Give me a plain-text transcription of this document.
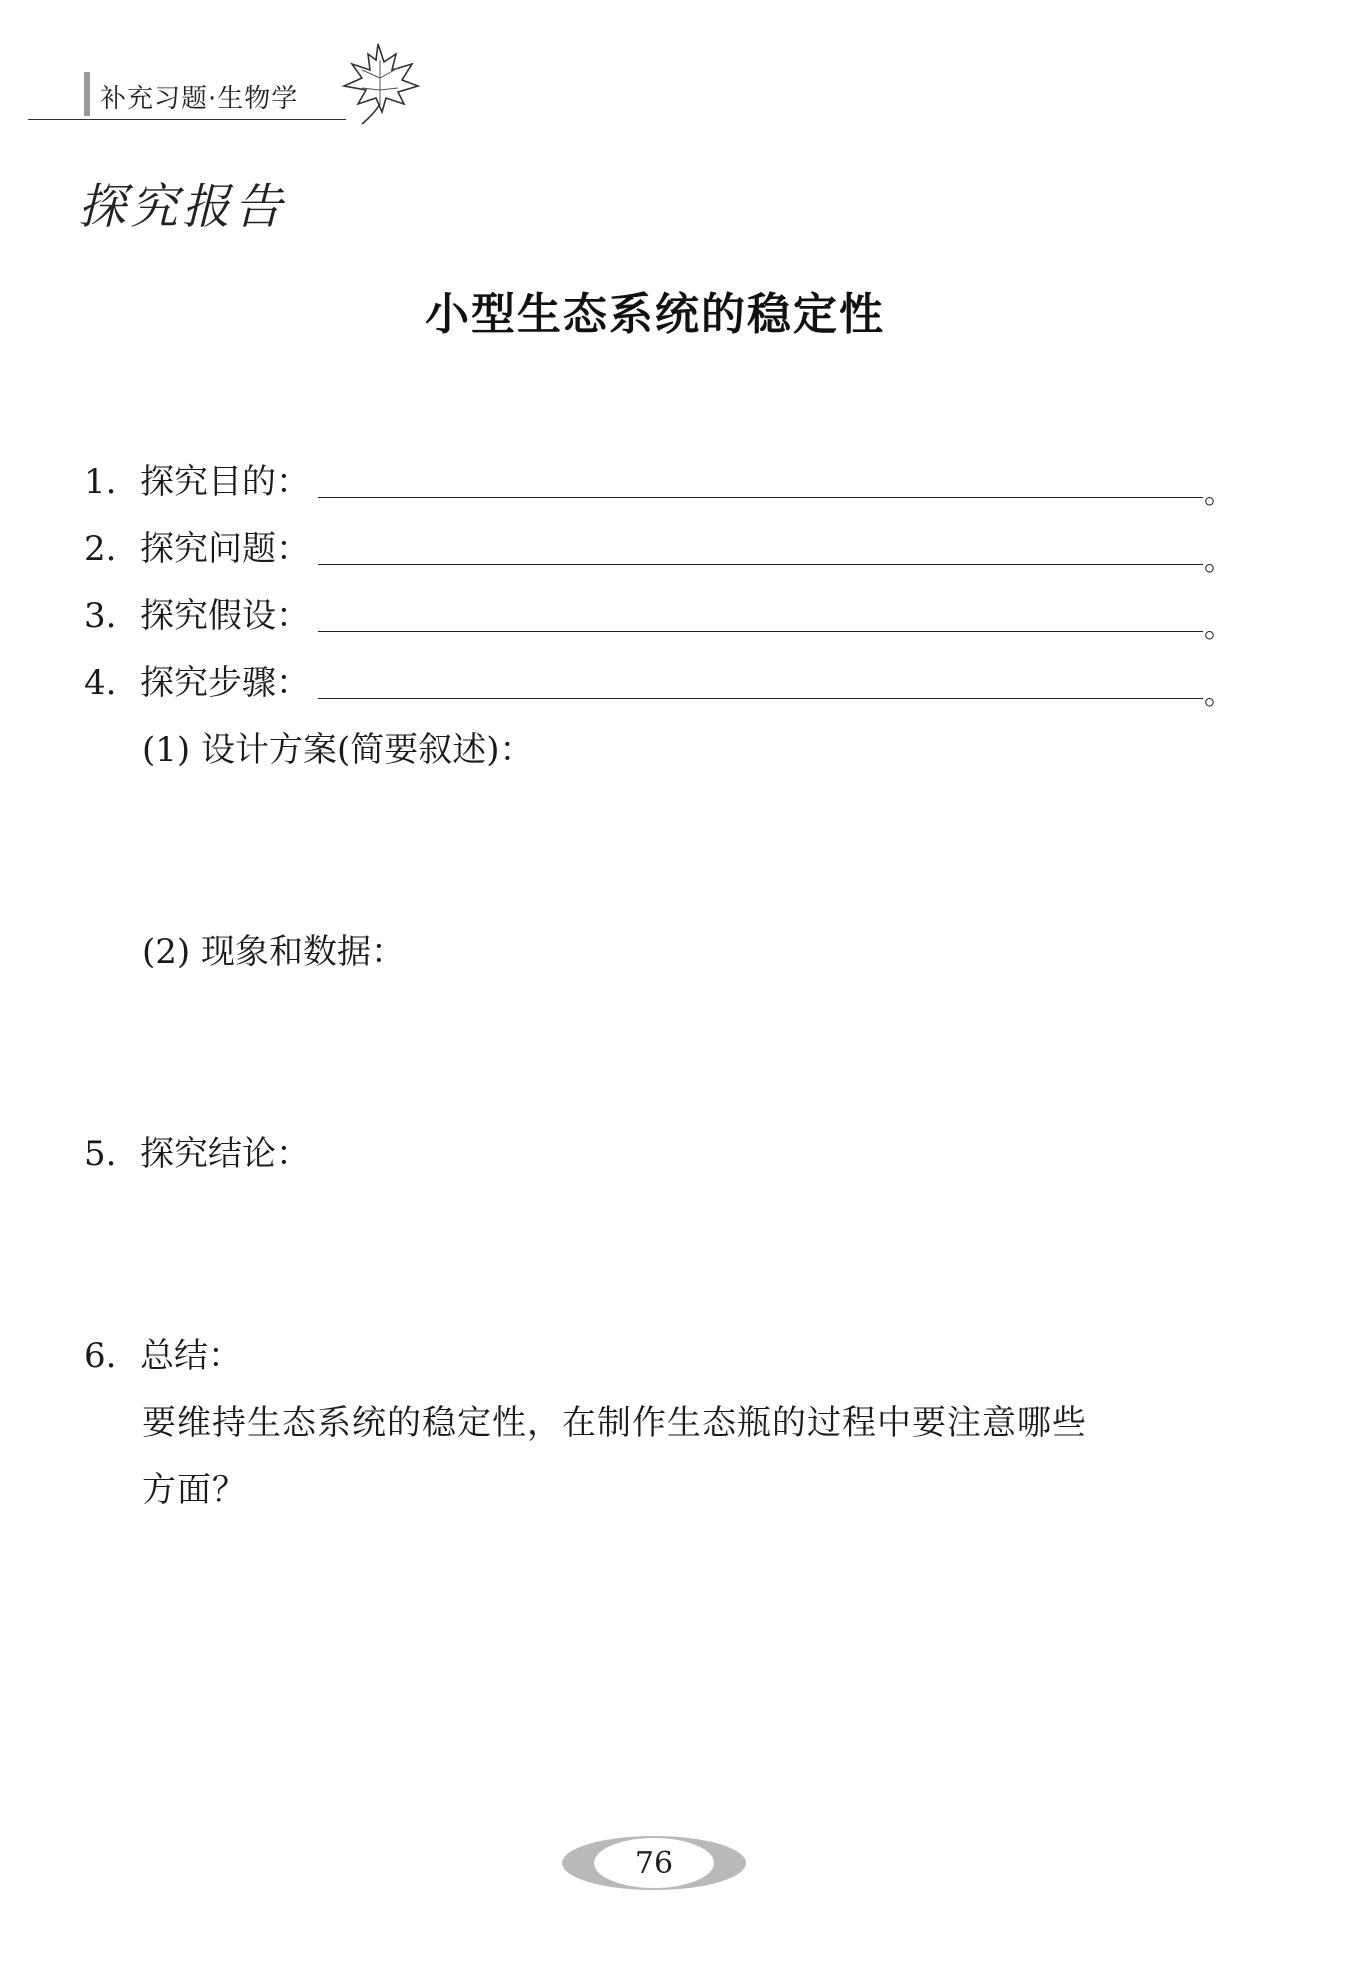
补充习题·生物学
探究报告
小型生态系统的稳定性
1. 探究目的：	。
2. 探究问题：	。
3. 探究假设：	。
4. 探究步骤：	。
(1) 设计方案(简要叙述)：
(2) 现象和数据：
5. 探究结论：
6. 总结：
要维持生态系统的稳定性，在制作生态瓶的过程中要注意哪些
方面？
76
